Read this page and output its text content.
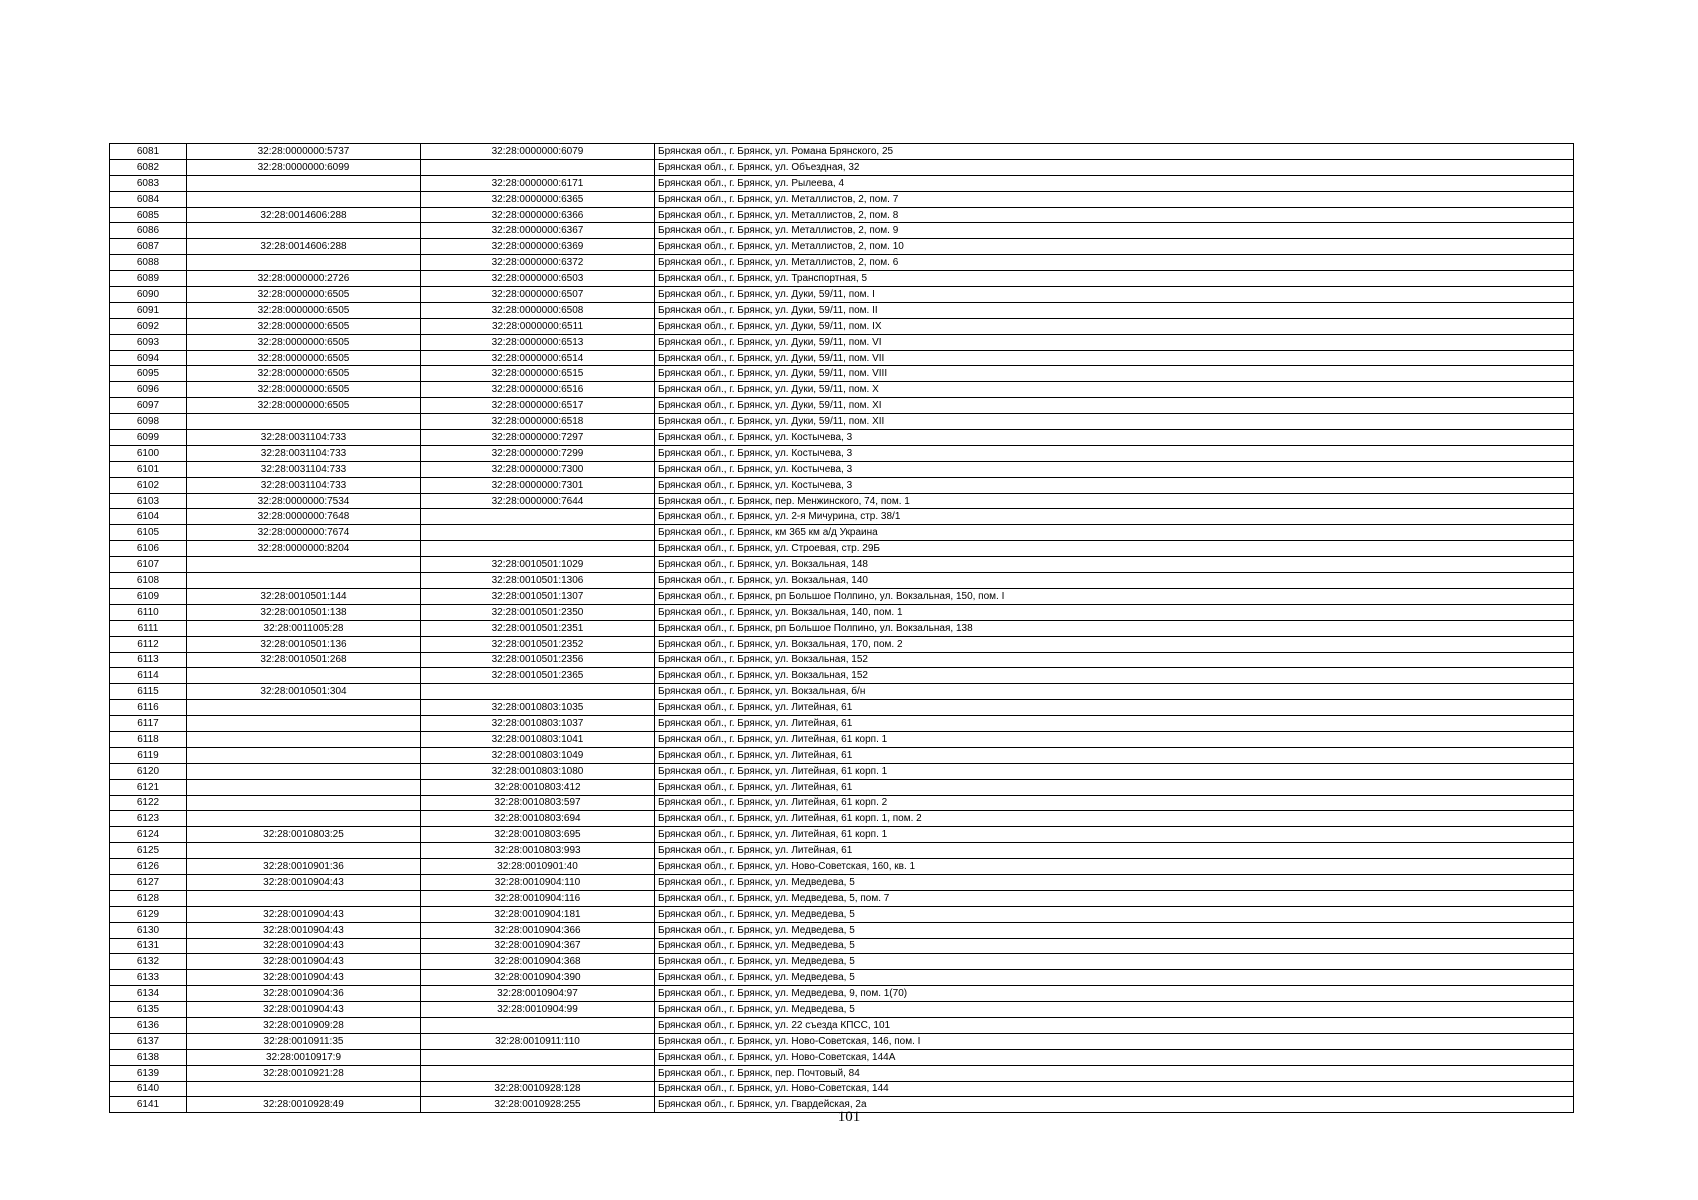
6081	32:28:0000000:5737	32:28:0000000:6079	Брянская обл., г. Брянск, ул. Романа Брянского, 25
6082	32:28:0000000:6099		Брянская обл., г. Брянск, ул. Объездная, 32
6083		32:28:0000000:6171	Брянская обл., г. Брянск, ул. Рылеева, 4
6084		32:28:0000000:6365	Брянская обл., г. Брянск, ул. Металлистов, 2, пом. 7
6085	32:28:0014606:288	32:28:0000000:6366	Брянская обл., г. Брянск, ул. Металлистов, 2, пом. 8
6086		32:28:0000000:6367	Брянская обл., г. Брянск, ул. Металлистов, 2, пом. 9
6087	32:28:0014606:288	32:28:0000000:6369	Брянская обл., г. Брянск, ул. Металлистов, 2, пом. 10
6088		32:28:0000000:6372	Брянская обл., г. Брянск, ул. Металлистов, 2, пом. 6
6089	32:28:0000000:2726	32:28:0000000:6503	Брянская обл., г. Брянск, ул. Транспортная, 5
6090	32:28:0000000:6505	32:28:0000000:6507	Брянская обл., г. Брянск, ул. Дуки, 59/11, пом. I
6091	32:28:0000000:6505	32:28:0000000:6508	Брянская обл., г. Брянск, ул. Дуки, 59/11, пом. II
6092	32:28:0000000:6505	32:28:0000000:6511	Брянская обл., г. Брянск, ул. Дуки, 59/11, пом. IX
6093	32:28:0000000:6505	32:28:0000000:6513	Брянская обл., г. Брянск, ул. Дуки, 59/11, пом. VI
6094	32:28:0000000:6505	32:28:0000000:6514	Брянская обл., г. Брянск, ул. Дуки, 59/11, пом. VII
6095	32:28:0000000:6505	32:28:0000000:6515	Брянская обл., г. Брянск, ул. Дуки, 59/11, пом. VIII
6096	32:28:0000000:6505	32:28:0000000:6516	Брянская обл., г. Брянск, ул. Дуки, 59/11, пом. X
6097	32:28:0000000:6505	32:28:0000000:6517	Брянская обл., г. Брянск, ул. Дуки, 59/11, пом. XI
6098		32:28:0000000:6518	Брянская обл., г. Брянск, ул. Дуки, 59/11, пом. XII
6099	32:28:0031104:733	32:28:0000000:7297	Брянская обл., г. Брянск, ул. Костычева, 3
6100	32:28:0031104:733	32:28:0000000:7299	Брянская обл., г. Брянск, ул. Костычева, 3
6101	32:28:0031104:733	32:28:0000000:7300	Брянская обл., г. Брянск, ул. Костычева, 3
6102	32:28:0031104:733	32:28:0000000:7301	Брянская обл., г. Брянск, ул. Костычева, 3
6103	32:28:0000000:7534	32:28:0000000:7644	Брянская обл., г. Брянск, пер. Менжинского, 74, пом. 1
6104	32:28:0000000:7648		Брянская обл., г. Брянск, ул. 2-я Мичурина, стр. 38/1
6105	32:28:0000000:7674		Брянская обл., г. Брянск, км 365 км а/д Украина
6106	32:28:0000000:8204		Брянская обл., г. Брянск, ул. Строевая, стр. 29Б
6107		32:28:0010501:1029	Брянская обл., г. Брянск, ул. Вокзальная, 148
6108		32:28:0010501:1306	Брянская обл., г. Брянск, ул. Вокзальная, 140
6109	32:28:0010501:144	32:28:0010501:1307	Брянская обл., г. Брянск, рп Большое Полпино, ул. Вокзальная, 150, пом. I
6110	32:28:0010501:138	32:28:0010501:2350	Брянская обл., г. Брянск, ул. Вокзальная, 140, пом. 1
6111	32:28:0011005:28	32:28:0010501:2351	Брянская обл., г. Брянск, рп Большое Полпино, ул. Вокзальная, 138
6112	32:28:0010501:136	32:28:0010501:2352	Брянская обл., г. Брянск, ул. Вокзальная, 170, пом. 2
6113	32:28:0010501:268	32:28:0010501:2356	Брянская обл., г. Брянск, ул. Вокзальная, 152
6114		32:28:0010501:2365	Брянская обл., г. Брянск, ул. Вокзальная, 152
6115	32:28:0010501:304		Брянская обл., г. Брянск, ул. Вокзальная, б/н
6116		32:28:0010803:1035	Брянская обл., г. Брянск, ул. Литейная, 61
6117		32:28:0010803:1037	Брянская обл., г. Брянск, ул. Литейная, 61
6118		32:28:0010803:1041	Брянская обл., г. Брянск, ул. Литейная, 61 корп. 1
6119		32:28:0010803:1049	Брянская обл., г. Брянск, ул. Литейная, 61
6120		32:28:0010803:1080	Брянская обл., г. Брянск, ул. Литейная, 61 корп. 1
6121		32:28:0010803:412	Брянская обл., г. Брянск, ул. Литейная, 61
6122		32:28:0010803:597	Брянская обл., г. Брянск, ул. Литейная, 61 корп. 2
6123		32:28:0010803:694	Брянская обл., г. Брянск, ул. Литейная, 61 корп. 1, пом. 2
6124	32:28:0010803:25	32:28:0010803:695	Брянская обл., г. Брянск, ул. Литейная, 61 корп. 1
6125		32:28:0010803:993	Брянская обл., г. Брянск, ул. Литейная, 61
6126	32:28:0010901:36	32:28:0010901:40	Брянская обл., г. Брянск, ул. Ново-Советская, 160, кв. 1
6127	32:28:0010904:43	32:28:0010904:110	Брянская обл., г. Брянск, ул. Медведева, 5
6128		32:28:0010904:116	Брянская обл., г. Брянск, ул. Медведева, 5, пом. 7
6129	32:28:0010904:43	32:28:0010904:181	Брянская обл., г. Брянск, ул. Медведева, 5
6130	32:28:0010904:43	32:28:0010904:366	Брянская обл., г. Брянск, ул. Медведева, 5
6131	32:28:0010904:43	32:28:0010904:367	Брянская обл., г. Брянск, ул. Медведева, 5
6132	32:28:0010904:43	32:28:0010904:368	Брянская обл., г. Брянск, ул. Медведева, 5
6133	32:28:0010904:43	32:28:0010904:390	Брянская обл., г. Брянск, ул. Медведева, 5
6134	32:28:0010904:36	32:28:0010904:97	Брянская обл., г. Брянск, ул. Медведева, 9, пом. 1(70)
6135	32:28:0010904:43	32:28:0010904:99	Брянская обл., г. Брянск, ул. Медведева, 5
6136	32:28:0010909:28		Брянская обл., г. Брянск, ул. 22 съезда КПСС, 101
6137	32:28:0010911:35	32:28:0010911:110	Брянская обл., г. Брянск, ул. Ново-Советская, 146, пом. I
6138	32:28:0010917:9		Брянская обл., г. Брянск, ул. Ново-Советская, 144А
6139	32:28:0010921:28		Брянская обл., г. Брянск, пер. Почтовый, 84
6140		32:28:0010928:128	Брянская обл., г. Брянск, ул. Ново-Советская, 144
6141	32:28:0010928:49	32:28:0010928:255	Брянская обл., г. Брянск, ул. Гвардейская, 2а
101
